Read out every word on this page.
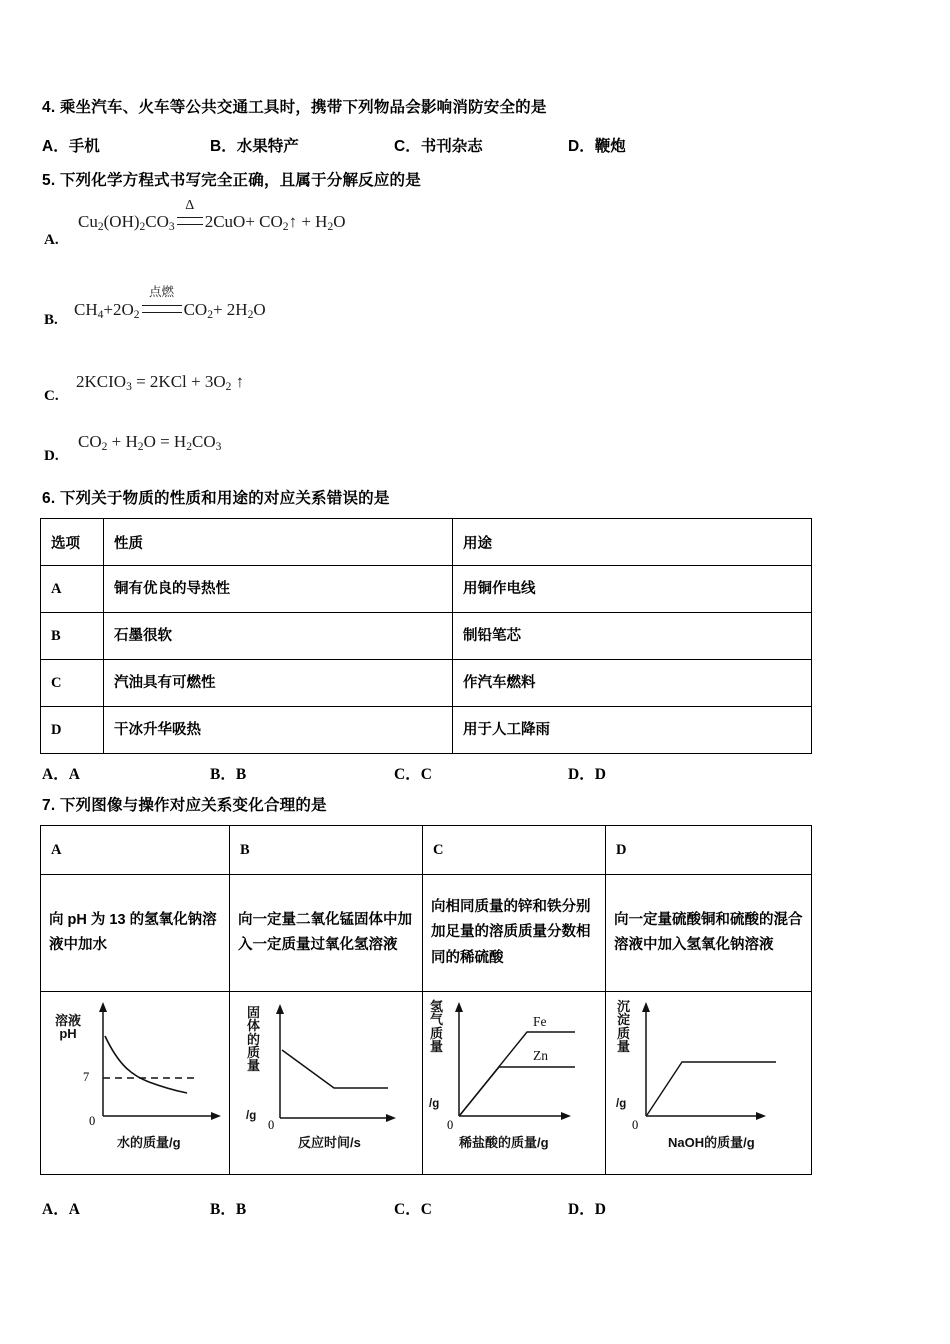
4. 乘坐汽车、火车等公共交通工具时，携带下列物品会影响消防安全的是
A．手机	B．水果特产	C．书刊杂志	D．鞭炮
5. 下列化学方程式书写完全正确，且属于分解反应的是
A.
$Cu_2(OH)_2CO_3$
Δ
$2CuO+ CO_2↑ + H_2O$
B.
$CH_4+2O_2$
点燃
$CO_2+ 2H_2O$
C.
$2KCIO_3 = 2KCl + 3O_2$ ↑
D.
$CO_2 + H_2O = H_2CO_3$
6. 下列关于物质的性质和用途的对应关系错误的是
选项	性质	用途

A	铜有优良的导热性	用铜作电线

B	石墨很软	制铅笔芯

C	汽油具有可燃性	作汽车燃料

D	干冰升华吸热	用于人工降雨
A．A	B．B	C．C	D．D
7. 下列图像与操作对应关系变化合理的是
A	B	C	D

向 pH 为 13 的氢氧化钠溶液中加水	向一定量二氧化锰固体中加入一定质量过氧化氢溶液	向相同质量的锌和铁分别加足量的溶质质量分数相同的稀硫酸	向一定量硫酸铜和硫酸的混合溶液中加入氢氧化钠溶液

溶液pH
0
7
水的质量/g

固体的质量
/g
0
反应时间/s

氢气质量
/g
0
稀盐酸的质量/g
Fe
Zn

沉淀质量
/g
0
NaOH的质量/g
A．A	B．B	C．C	D．D
